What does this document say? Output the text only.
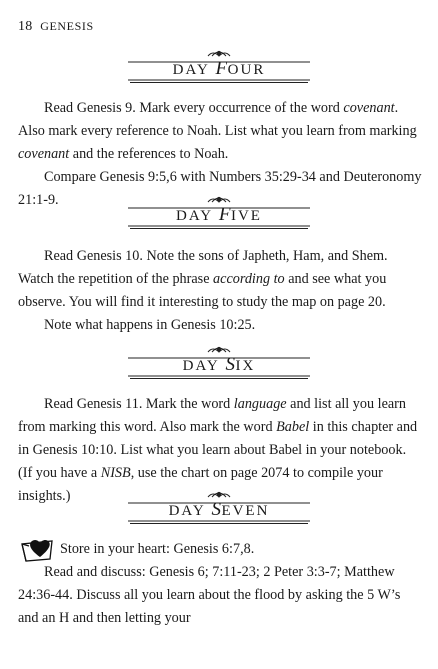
18 GENESIS
DAY FOUR

Read Genesis 9. Mark every occurrence of the word covenant. Also mark every reference to Noah. List what you learn from marking covenant and the references to Noah.

Compare Genesis 9:5,6 with Numbers 35:29-34 and Deuteronomy 21:1-9.

DAY FIVE

Read Genesis 10. Note the sons of Japheth, Ham, and Shem. Watch the repetition of the phrase according to and see what you observe. You will find it interesting to study the map on page 20.

Note what happens in Genesis 10:25.

DAY SIX

Read Genesis 11. Mark the word language and list all you learn from marking this word. Also mark the word Babel in this chapter and in Genesis 10:10. List what you learn about Babel in your notebook. (If you have a NISB, use the chart on page 2074 to compile your insights.)

DAY SEVEN
Store in your heart: Genesis 6:7,8.

Read and discuss: Genesis 6; 7:11-23; 2 Peter 3:3-7; Matthew 24:36-44. Discuss all you learn about the flood by asking the 5 W’s and an H and then letting your
